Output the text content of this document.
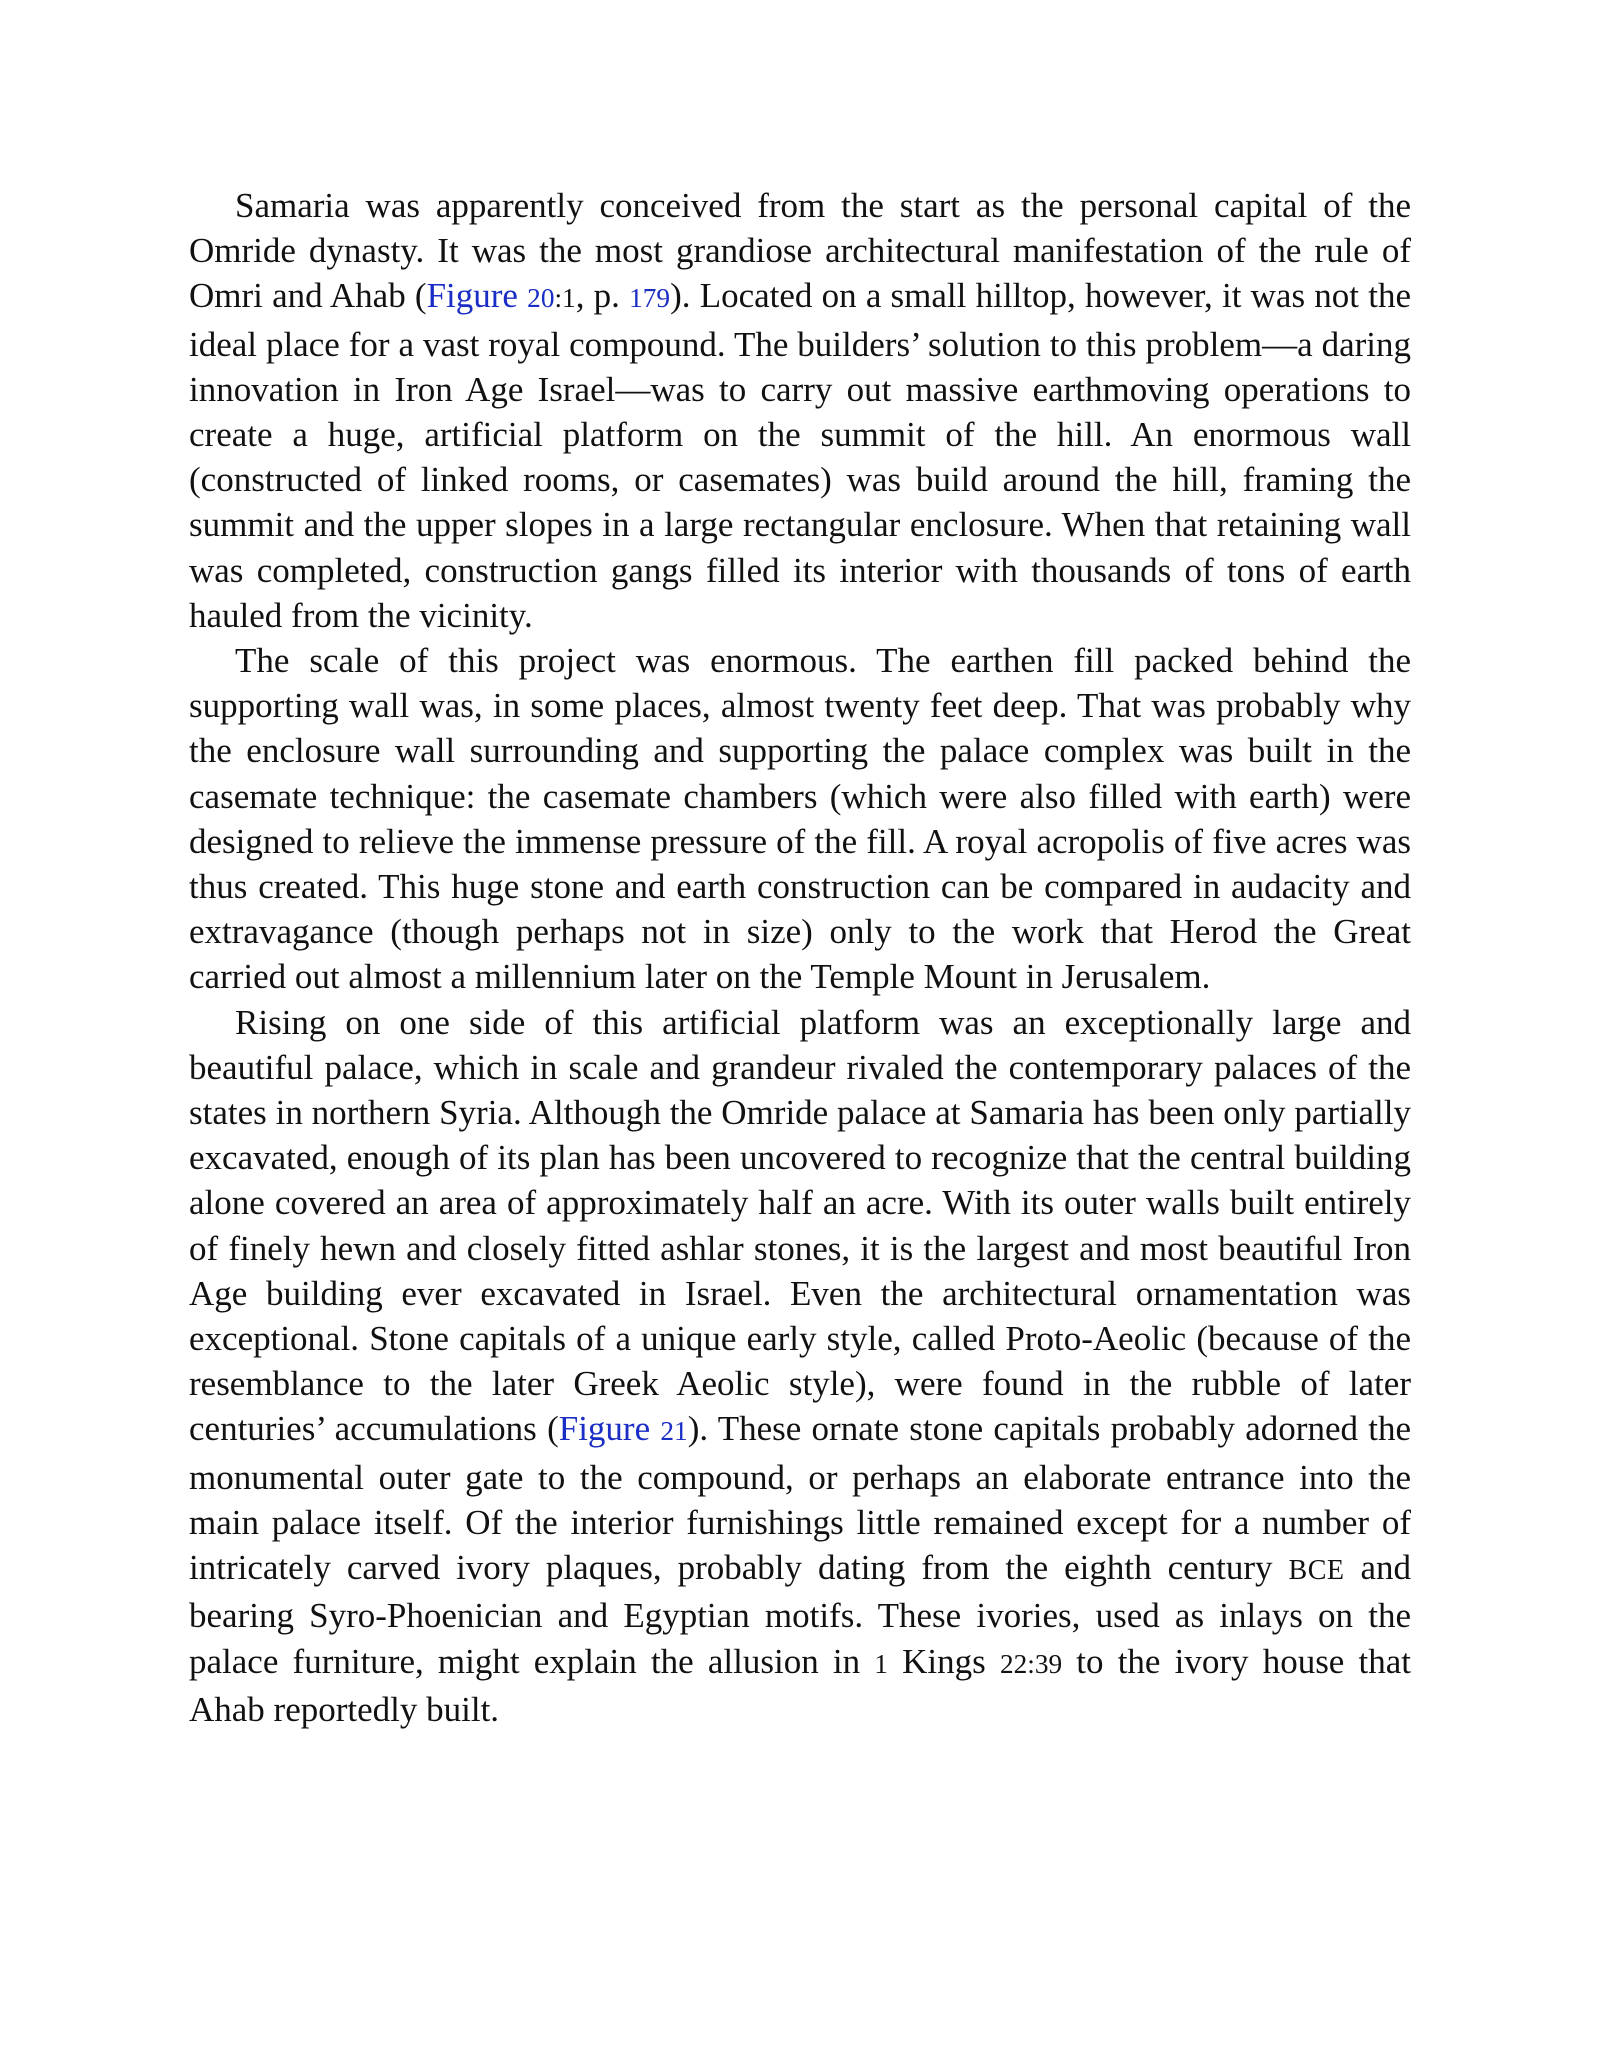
Samaria was apparently conceived from the start as the personal capital of the Omride dynasty. It was the most grandiose architectural manifestation of the rule of Omri and Ahab (Figure 20:1, p. 179). Located on a small hilltop, however, it was not the ideal place for a vast royal compound. The builders’ solution to this problem—a daring innovation in Iron Age Israel—was to carry out massive earthmoving operations to create a huge, artificial platform on the summit of the hill. An enormous wall (constructed of linked rooms, or casemates) was build around the hill, framing the summit and the upper slopes in a large rectangular enclosure. When that retaining wall was completed, construction gangs filled its interior with thousands of tons of earth hauled from the vicinity.

The scale of this project was enormous. The earthen fill packed behind the supporting wall was, in some places, almost twenty feet deep. That was probably why the enclosure wall surrounding and supporting the palace complex was built in the casemate technique: the casemate chambers (which were also filled with earth) were designed to relieve the immense pressure of the fill. A royal acropolis of five acres was thus created. This huge stone and earth construction can be compared in audacity and extravagance (though perhaps not in size) only to the work that Herod the Great carried out almost a millennium later on the Temple Mount in Jerusalem.

Rising on one side of this artificial platform was an exceptionally large and beautiful palace, which in scale and grandeur rivaled the contemporary palaces of the states in northern Syria. Although the Omride palace at Samaria has been only partially excavated, enough of its plan has been uncovered to recognize that the central building alone covered an area of approximately half an acre. With its outer walls built entirely of finely hewn and closely fitted ashlar stones, it is the largest and most beautiful Iron Age building ever excavated in Israel. Even the architectural ornamentation was exceptional. Stone capitals of a unique early style, called Proto-Aeolic (because of the resemblance to the later Greek Aeolic style), were found in the rubble of later centuries’ accumulations (Figure 21). These ornate stone capitals probably adorned the monumental outer gate to the compound, or perhaps an elaborate entrance into the main palace itself. Of the interior furnishings little remained except for a number of intricately carved ivory plaques, probably dating from the eighth century BCE and bearing Syro-Phoenician and Egyptian motifs. These ivories, used as inlays on the palace furniture, might explain the allusion in 1 Kings 22:39 to the ivory house that Ahab reportedly built.
